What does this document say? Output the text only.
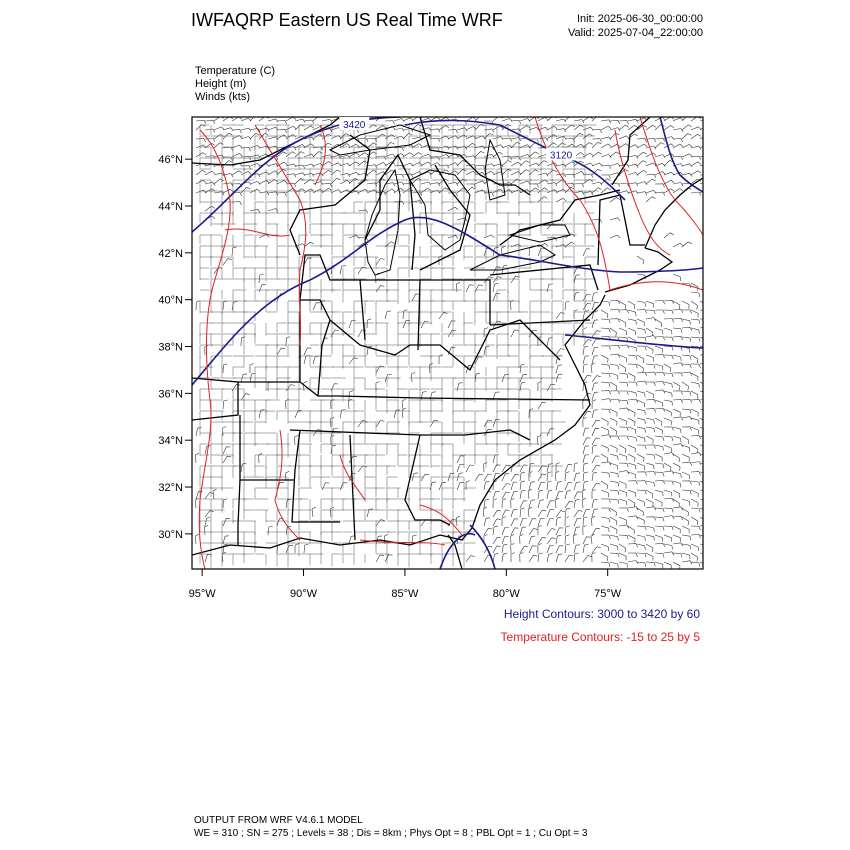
IWFAQRP Eastern US Real Time WRF	Init: 2025-06-30_00:00:00
Valid: 2025-07-04_22:00:00
Temperature (C)
Height (m)
Winds (kts)
3420
3120
30°N
32°N
34°N
36°N
38°N
40°N
42°N
44°N
46°N
95°W	90°W	85°W	80°W	75°W
Height Contours: 3000 to 3420 by 60
Temperature Contours: -15 to 25 by 5
OUTPUT FROM WRF V4.6.1 MODEL
WE = 310 ; SN = 275 ; Levels = 38 ; Dis = 8km ; Phys Opt = 8 ; PBL Opt = 1 ; Cu Opt = 3
